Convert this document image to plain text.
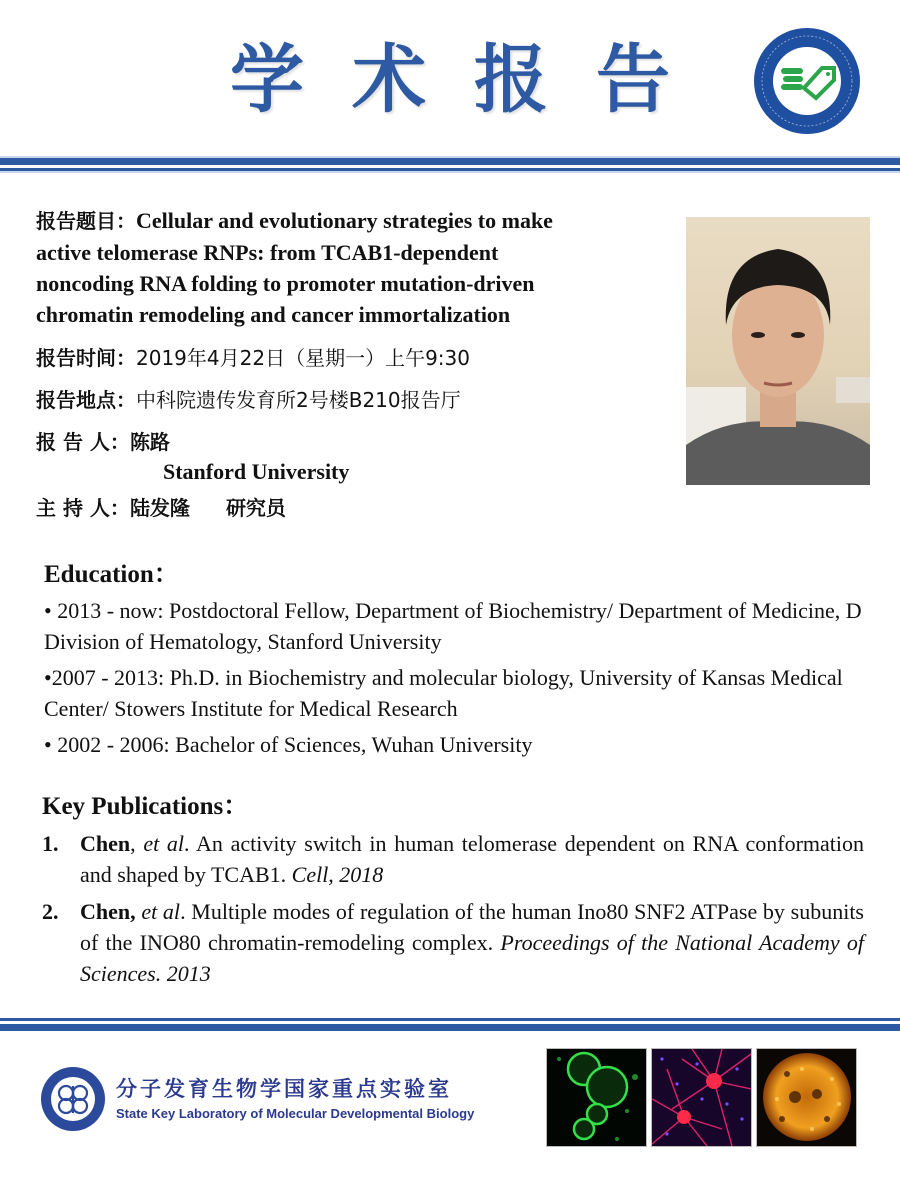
学 术 报 告
报告题目：Cellular and evolutionary strategies to make
active telomerase RNPs: from TCAB1-dependent
noncoding RNA folding to promoter mutation-driven
chromatin remodeling and cancer immortalization
报告时间：2019年4月22日（星期一）上午9:30
报告地点：中科院遗传发育所2号楼B210报告厅
报 告 人：陈路
Stanford University
主 持 人：陆发隆 研究员
Education：
• 2013 - now: Postdoctoral Fellow, Department of Biochemistry/ Department of Medicine, D Division of Hematology, Stanford University
•2007 - 2013: Ph.D. in Biochemistry and molecular biology, University of Kansas Medical Center/ Stowers Institute for Medical Research
• 2002 - 2006: Bachelor of Sciences, Wuhan University
Key Publications：
1. Chen, et al. An activity switch in human telomerase dependent on RNA conformation and shaped by TCAB1. Cell, 2018
2. Chen, et al. Multiple modes of regulation of the human Ino80 SNF2 ATPase by subunits of the INO80 chromatin-remodeling complex. Proceedings of the National Academy of Sciences. 2013
分子发育生物学国家重点实验室
State Key Laboratory of Molecular Developmental Biology
